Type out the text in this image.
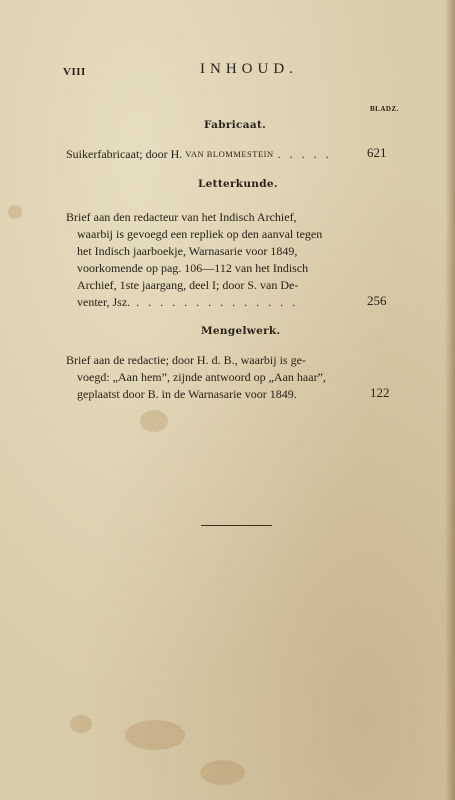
VIII	INHOUD.
BLADZ.
Fabricaat.
Suikerfabricaat; door H. VAN BLOMMESTEIN . . . . .	621
Letterkunde.
Brief aan den redacteur van het Indisch Archief,
waarbij is gevoegd een repliek op den aanval tegen
het Indisch jaarboekje, Warnasarie voor 1849,
voorkomende op pag. 106—112 van het Indisch
Archief, 1ste jaargang, deel I; door S. van De-
venter, Jsz. . . . . . . . . . . . . . .	256
Mengelwerk.
Brief aan de redactie; door H. d. B., waarbij is ge-
voegd: „Aan hem”, zijnde antwoord op „Aan haar”,
geplaatst door B. in de Warnasarie voor 1849.	122
